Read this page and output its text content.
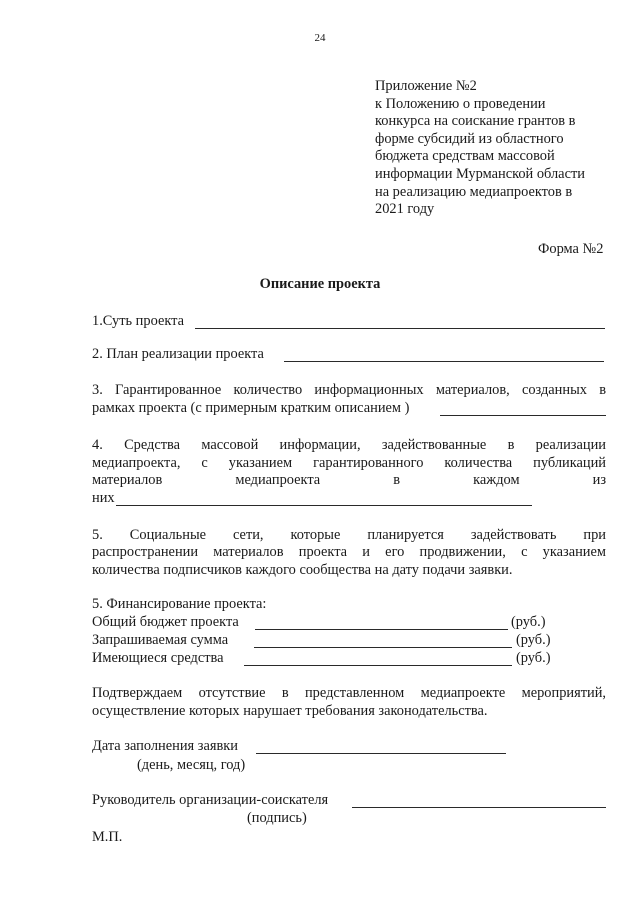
24
Приложение №2
к Положению о проведении
конкурса на соискание грантов в
форме субсидий из областного
бюджета средствам массовой
информации Мурманской области
на реализацию медиапроектов в
2021 году
Форма №2
Описание проекта
1.Суть проекта
2. План реализации проекта
3. Гарантированное количество информационных материалов, созданных в
рамках проекта (с примерным кратким описанием )
4. Средства массовой информации, задействованные в реализации
медиапроекта, с указанием гарантированного количества публикаций
материалов медиапроекта в каждом из
них
5. Социальные сети, которые планируется задействовать при
распространении материалов проекта и его продвижении, с указанием
количества подписчиков каждого сообщества на дату подачи заявки.
5. Финансирование проекта:
Общий бюджет проекта	(руб.)
Запрашиваемая сумма	(руб.)
Имеющиеся средства	(руб.)
Подтверждаем отсутствие в представленном медиапроекте мероприятий,
осуществление которых нарушает требования законодательства.
Дата заполнения заявки
(день, месяц, год)
Руководитель организации-соискателя
(подпись)
М.П.
